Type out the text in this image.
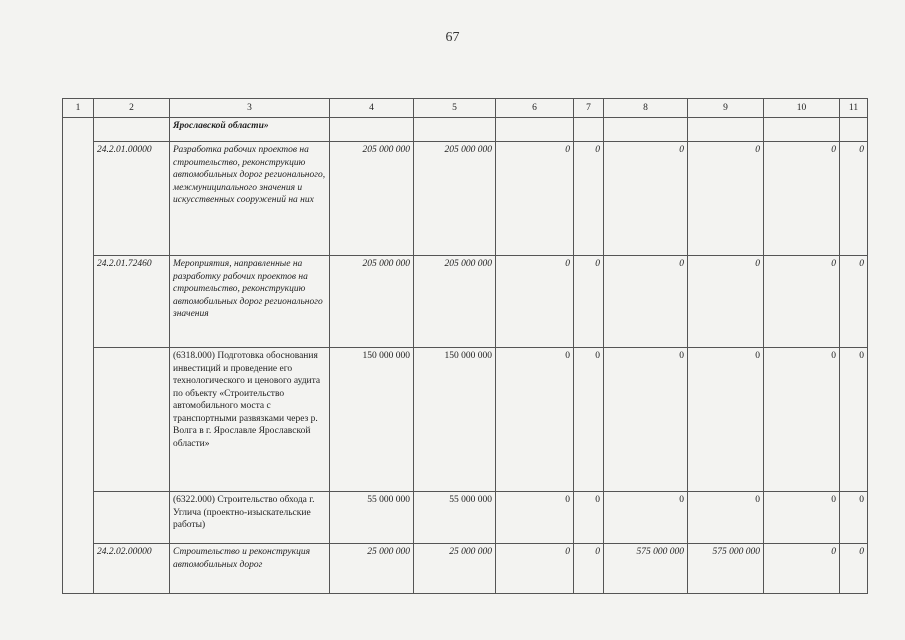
67
1	2	3	4	5	6	7	8	9	10	11
		Ярославской области»								
	24.2.01.00000	Разработка рабочих проектов на строительство, реконструкцию автомобильных дорог регионального, межмуниципального значения и искусственных сооружений на них	205 000 000	205 000 000	0	0	0	0	0	0
	24.2.01.72460	Мероприятия, направленные на разработку рабочих проектов на строительство, реконструкцию автомобильных дорог регионального значения	205 000 000	205 000 000	0	0	0	0	0	0
		(6318.000) Подготовка обоснования инвестиций и проведение его технологического и ценового аудита по объекту «Строительство автомобильного моста с транспортными развязками через р. Волга в г. Ярославле Ярославской области»	150 000 000	150 000 000	0	0	0	0	0	0
		(6322.000) Строительство обхода г. Углича (проектно-изыскательские работы)	55 000 000	55 000 000	0	0	0	0	0	0
	24.2.02.00000	Строительство и реконструкция автомобильных дорог	25 000 000	25 000 000	0	0	575 000 000	575 000 000	0	0
